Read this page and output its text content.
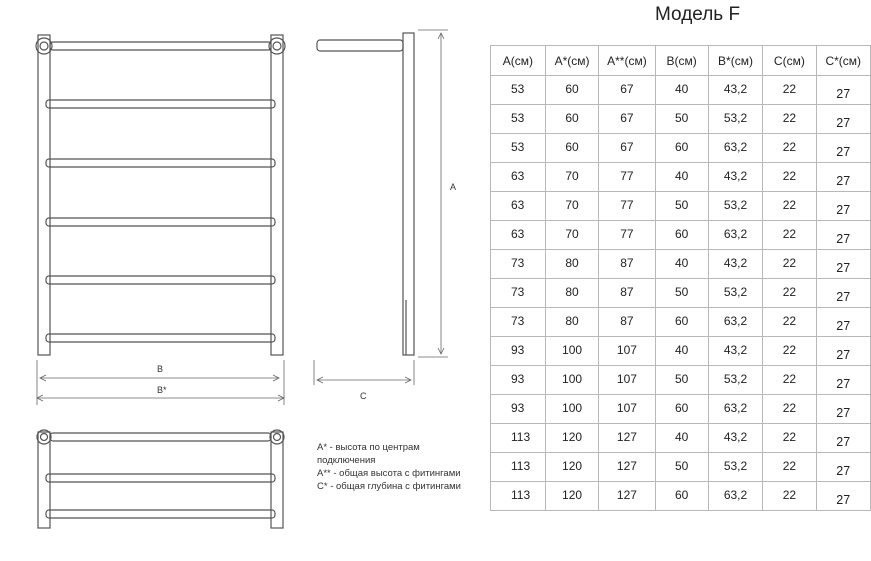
B
B*
A
C
A* - высота по центрам подключения
A** - общая высота с фитингами
C* - общая глубина с фитингами
Модель F
A(см)	A*(см)	A**(см)	B(см)	B*(см)	C(см)	C*(см)
53	60	67	40	43,2	22	27
53	60	67	50	53,2	22	27
53	60	67	60	63,2	22	27
63	70	77	40	43,2	22	27
63	70	77	50	53,2	22	27
63	70	77	60	63,2	22	27
73	80	87	40	43,2	22	27
73	80	87	50	53,2	22	27
73	80	87	60	63,2	22	27
93	100	107	40	43,2	22	27
93	100	107	50	53,2	22	27
93	100	107	60	63,2	22	27
113	120	127	40	43,2	22	27
113	120	127	50	53,2	22	27
113	120	127	60	63,2	22	27
